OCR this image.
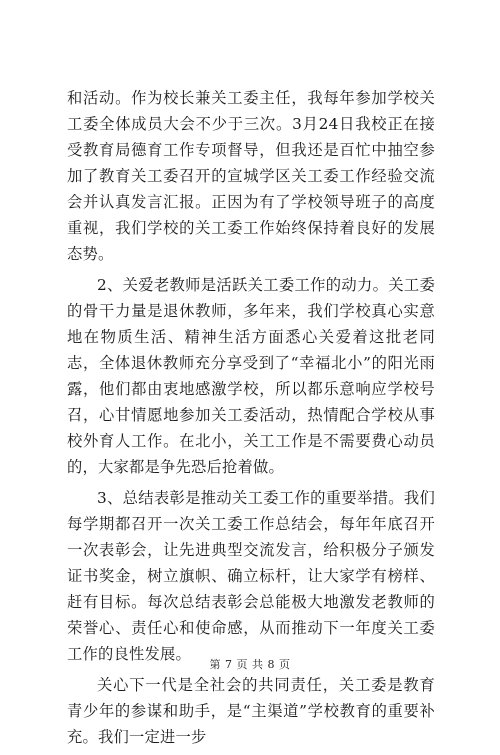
和活动。作为校长兼关工委主任，我每年参加学校关工委全体成员大会不少于三次。3月24日我校正在接受教育局德育工作专项督导，但我还是百忙中抽空参加了教育关工委召开的宣城学区关工委工作经验交流会并认真发言汇报。正因为有了学校领导班子的高度重视，我们学校的关工委工作始终保持着良好的发展态势。

2、关爱老教师是活跃关工委工作的动力。关工委的骨干力量是退休教师，多年来，我们学校真心实意地在物质生活、精神生活方面悉心关爱着这批老同志，全体退休教师充分享受到了“幸福北小”的阳光雨露，他们都由衷地感激学校，所以都乐意响应学校号召，心甘情愿地参加关工委活动，热情配合学校从事校外育人工作。在北小，关工工作是不需要费心动员的，大家都是争先恐后抢着做。

3、总结表彰是推动关工委工作的重要举措。我们每学期都召开一次关工委工作总结会，每年年底召开一次表彰会，让先进典型交流发言，给积极分子颁发证书奖金，树立旗帜、确立标杆，让大家学有榜样、赶有目标。每次总结表彰会总能极大地激发老教师的荣誉心、责任心和使命感，从而推动下一年度关工委工作的良性发展。

关心下一代是全社会的共同责任，关工委是教育青少年的参谋和助手，是“主渠道”学校教育的重要补充。我们一定进一步

第 7 页 共 8 页
